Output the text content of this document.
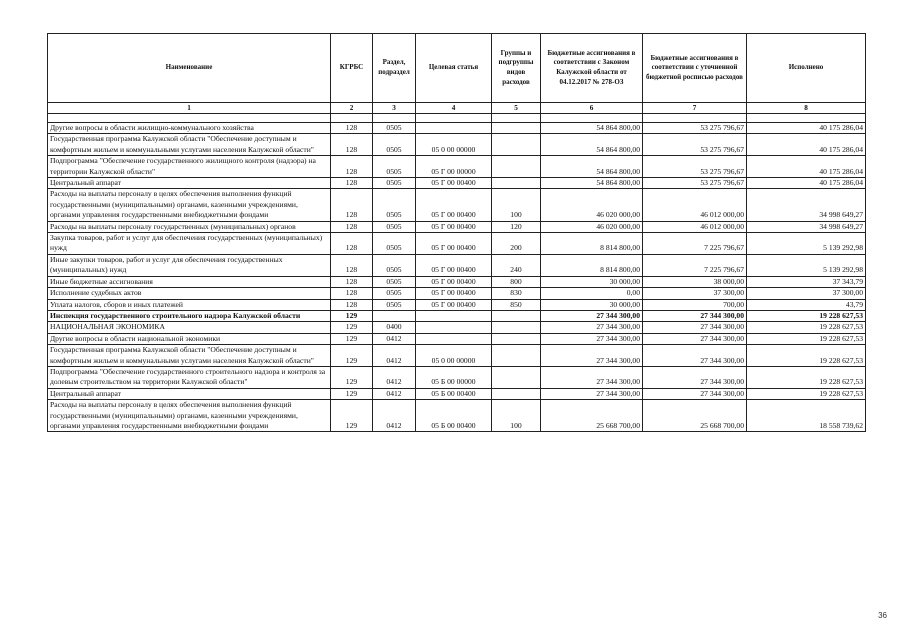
Наименование	КГРБС	Раздел, подраздел	Целевая статья	Группы и подгруппы видов расходов	Бюджетные ассигнования в соответствии с Законом Калужской области от 04.12.2017 № 278-ОЗ	Бюджетные ассигнования в соответствии с уточненной бюджетной росписью расходов	Исполнено
1	2	3	4	5	6	7	8

Другие вопросы в области жилищно-коммунального хозяйства	128	0505			54 864 800,00	53 275 796,67	40 175 286,04
Государственная программа Калужской области "Обеспечение доступным и комфортным жильем и коммунальными услугами населения Калужской области"	128	0505	05 0 00 00000		54 864 800,00	53 275 796,67	40 175 286,04
Подпрограмма "Обеспечение государственного жилищного контроля (надзора) на территории Калужской области"	128	0505	05 Г 00 00000		54 864 800,00	53 275 796,67	40 175 286,04
Центральный аппарат	128	0505	05 Г 00 00400		54 864 800,00	53 275 796,67	40 175 286,04
Расходы на выплаты персоналу в целях обеспечения выполнения функций государственными (муниципальными) органами, казенными учреждениями, органами управления государственными внебюджетными фондами	128	0505	05 Г 00 00400	100	46 020 000,00	46 012 000,00	34 998 649,27
Расходы на выплаты персоналу государственных (муниципальных) органов	128	0505	05 Г 00 00400	120	46 020 000,00	46 012 000,00	34 998 649,27
Закупка товаров, работ и услуг для обеспечения государственных (муниципальных) нужд	128	0505	05 Г 00 00400	200	8 814 800,00	7 225 796,67	5 139 292,98
Иные закупки товаров, работ и услуг для обеспечения государственных (муниципальных) нужд	128	0505	05 Г 00 00400	240	8 814 800,00	7 225 796,67	5 139 292,98
Иные бюджетные ассигнования	128	0505	05 Г 00 00400	800	30 000,00	38 000,00	37 343,79
Исполнение судебных актов	128	0505	05 Г 00 00400	830	0,00	37 300,00	37 300,00
Уплата налогов, сборов и иных платежей	128	0505	05 Г 00 00400	850	30 000,00	700,00	43,79
Инспекция государственного строительного надзора Калужской области	129				27 344 300,00	27 344 300,00	19 228 627,53
НАЦИОНАЛЬНАЯ ЭКОНОМИКА	129	0400			27 344 300,00	27 344 300,00	19 228 627,53
Другие вопросы в области национальной экономики	129	0412			27 344 300,00	27 344 300,00	19 228 627,53
Государственная программа Калужской области "Обеспечение доступным и комфортным жильем и коммунальными услугами населения Калужской области"	129	0412	05 0 00 00000		27 344 300,00	27 344 300,00	19 228 627,53
Подпрограмма "Обеспечение государственного строительного надзора и контроля за долевым строительством на территории Калужской области"	129	0412	05 Б 00 00000		27 344 300,00	27 344 300,00	19 228 627,53
Центральный аппарат	129	0412	05 Б 00 00400		27 344 300,00	27 344 300,00	19 228 627,53
Расходы на выплаты персоналу в целях обеспечения выполнения функций государственными (муниципальными) органами, казенными учреждениями, органами управления государственными внебюджетными фондами	129	0412	05 Б 00 00400	100	25 668 700,00	25 668 700,00	18 558 739,62
36
